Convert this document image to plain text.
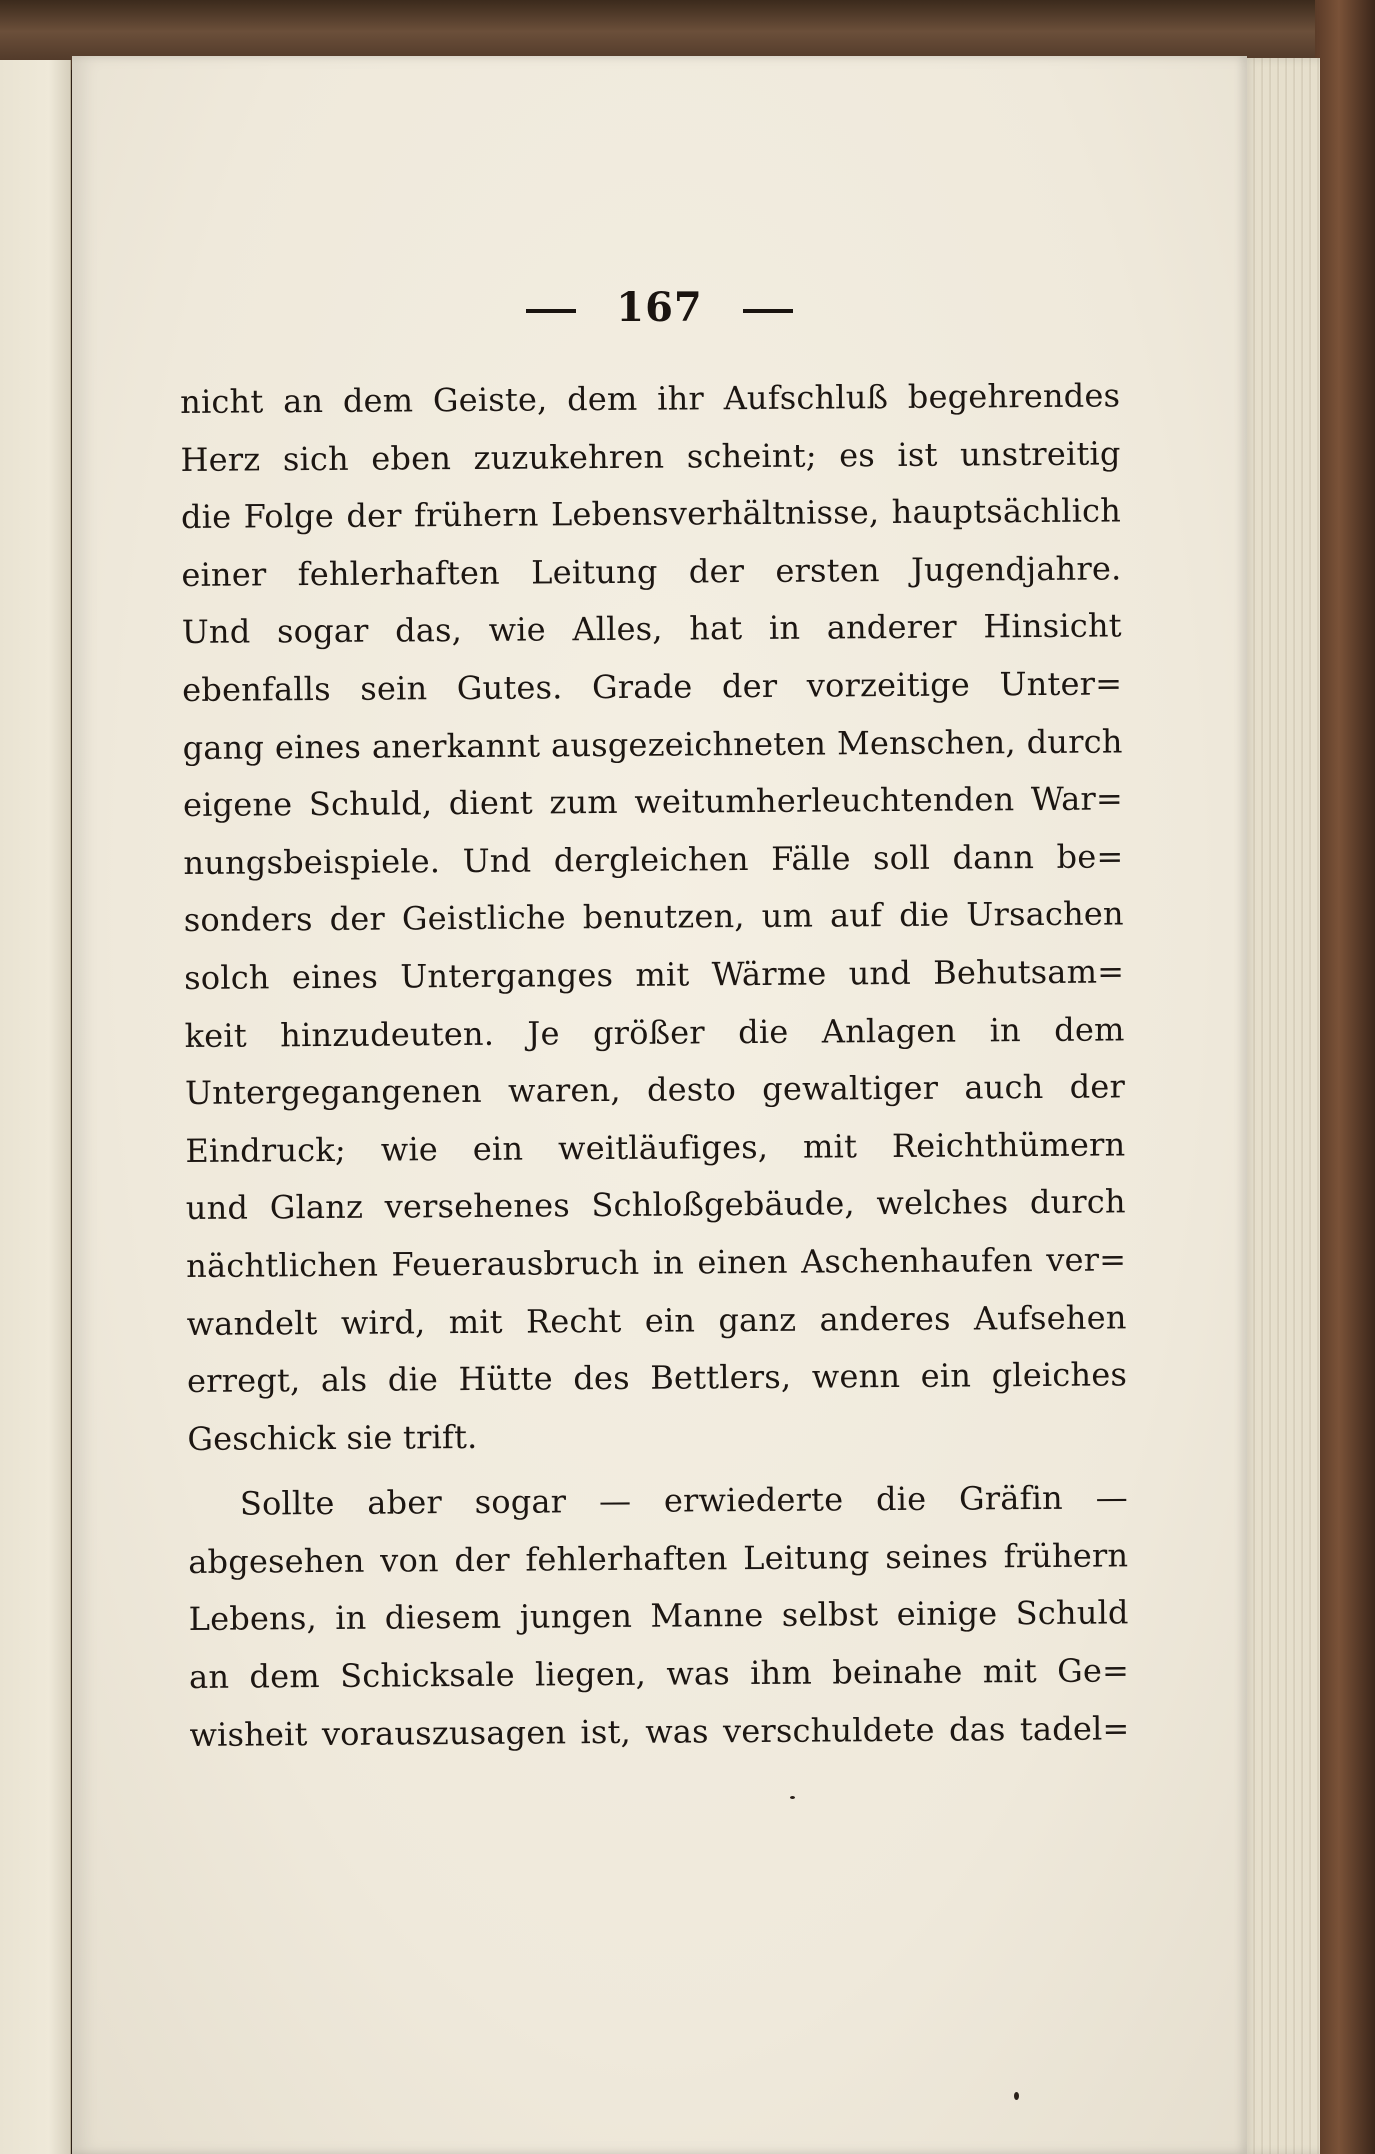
167
nicht an dem Geiste, dem ihr Aufschluß begehrendes
Herz sich eben zuzukehren scheint; es ist unstreitig
die Folge der frühern Lebensverhältnisse, hauptsächlich
einer fehlerhaften Leitung der ersten Jugendjahre.
Und sogar das, wie Alles, hat in anderer Hinsicht
ebenfalls sein Gutes. Grade der vorzeitige Unter=
gang eines anerkannt ausgezeichneten Menschen, durch
eigene Schuld, dient zum weitumherleuchtenden War=
nungsbeispiele. Und dergleichen Fälle soll dann be=
sonders der Geistliche benutzen, um auf die Ursachen
solch eines Unterganges mit Wärme und Behutsam=
keit hinzudeuten. Je größer die Anlagen in dem
Untergegangenen waren, desto gewaltiger auch der
Eindruck; wie ein weitläufiges, mit Reichthümern
und Glanz versehenes Schloßgebäude, welches durch
nächtlichen Feuerausbruch in einen Aschenhaufen ver=
wandelt wird, mit Recht ein ganz anderes Aufsehen
erregt, als die Hütte des Bettlers, wenn ein gleiches
Geschick sie trift.
Sollte aber sogar — erwiederte die Gräfin —
abgesehen von der fehlerhaften Leitung seines frühern
Lebens, in diesem jungen Manne selbst einige Schuld
an dem Schicksale liegen, was ihm beinahe mit Ge=
wisheit vorauszusagen ist, was verschuldete das tadel=
